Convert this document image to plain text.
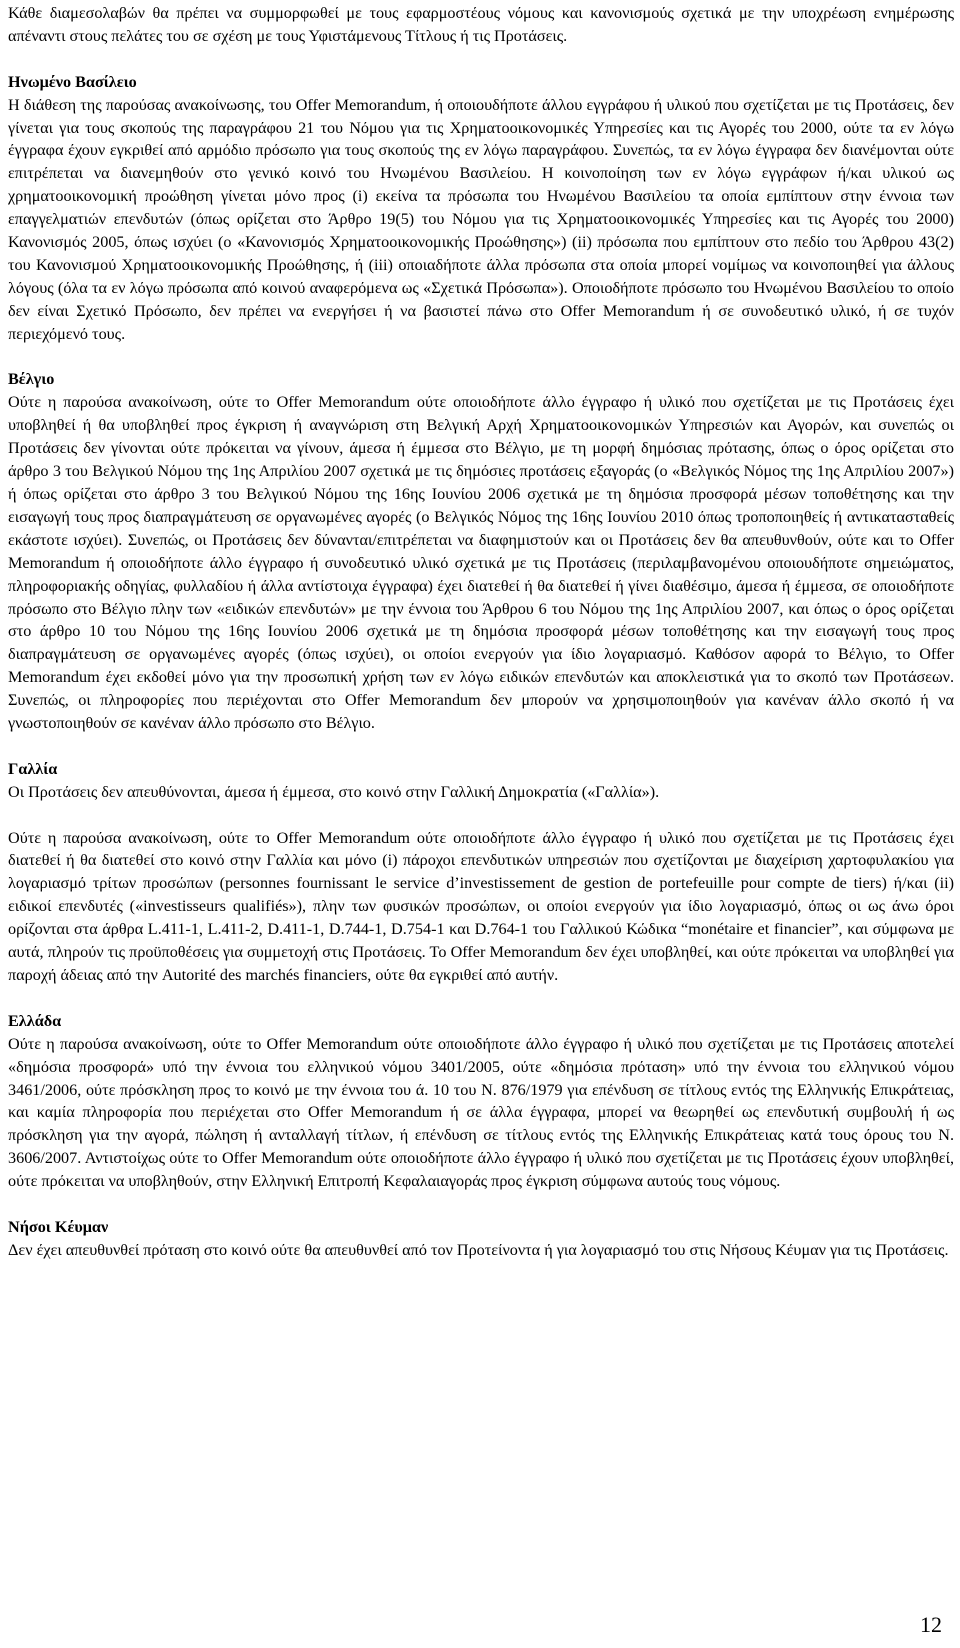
Κάθε διαμεσολαβών θα πρέπει να συμμορφωθεί με τους εφαρμοστέους νόμους και κανονισμούς σχετικά με την υποχρέωση ενημέρωσης απέναντι στους πελάτες του σε σχέση με τους Υφιστάμενους Τίτλους ή τις Προτάσεις.

Ηνωμένο Βασίλειο

Η διάθεση της παρούσας ανακοίνωσης, του Offer Memorandum, ή οποιουδήποτε άλλου εγγράφου ή υλικού που σχετίζεται με τις Προτάσεις, δεν γίνεται για τους σκοπούς της παραγράφου 21 του Νόμου για τις Χρηματοοικονομικές Υπηρεσίες και τις Αγορές του 2000, ούτε τα εν λόγω έγγραφα έχουν εγκριθεί από αρμόδιο πρόσωπο για τους σκοπούς της εν λόγω παραγράφου. Συνεπώς, τα εν λόγω έγγραφα δεν διανέμονται ούτε επιτρέπεται να διανεμηθούν στο γενικό κοινό του Ηνωμένου Βασιλείου. Η κοινοποίηση των εν λόγω εγγράφων ή/και υλικού ως χρηματοοικονομική προώθηση γίνεται μόνο προς (i) εκείνα τα πρόσωπα του Ηνωμένου Βασιλείου τα οποία εμπίπτουν στην έννοια των επαγγελματιών επενδυτών (όπως ορίζεται στο Άρθρο 19(5) του Νόμου για τις Χρηματοοικονομικές Υπηρεσίες και τις Αγορές του 2000) Κανονισμός 2005, όπως ισχύει (ο «Κανονισμός Χρηματοοικονομικής Προώθησης») (ii) πρόσωπα που εμπίπτουν στο πεδίο του Άρθρου 43(2) του Κανονισμού Χρηματοοικονομικής Προώθησης, ή (iii) οποιαδήποτε άλλα πρόσωπα στα οποία μπορεί νομίμως να κοινοποιηθεί για άλλους λόγους (όλα τα εν λόγω πρόσωπα από κοινού αναφερόμενα ως «Σχετικά Πρόσωπα»). Οποιοδήποτε πρόσωπο του Ηνωμένου Βασιλείου το οποίο δεν είναι Σχετικό Πρόσωπο, δεν πρέπει να ενεργήσει ή να βασιστεί πάνω στο Offer Memorandum ή σε συνοδευτικό υλικό, ή σε τυχόν περιεχόμενό τους.

Βέλγιο

Ούτε η παρούσα ανακοίνωση, ούτε το Offer Memorandum ούτε οποιοδήποτε άλλο έγγραφο ή υλικό που σχετίζεται με τις Προτάσεις έχει υποβληθεί ή θα υποβληθεί προς έγκριση ή αναγνώριση στη Βελγική Αρχή Χρηματοοικονομικών Υπηρεσιών και Αγορών, και συνεπώς οι Προτάσεις δεν γίνονται ούτε πρόκειται να γίνουν, άμεσα ή έμμεσα στο Βέλγιο, με τη μορφή δημόσιας πρότασης, όπως ο όρος ορίζεται στο άρθρο 3 του Βελγικού Νόμου της 1ης Απριλίου 2007 σχετικά με τις δημόσιες προτάσεις εξαγοράς (ο «Βελγικός Νόμος της 1ης Απριλίου 2007») ή όπως ορίζεται στο άρθρο 3 του Βελγικού Νόμου της 16ης Ιουνίου 2006 σχετικά με τη δημόσια προσφορά μέσων τοποθέτησης και την εισαγωγή τους προς διαπραγμάτευση σε οργανωμένες αγορές (ο Βελγικός Νόμος της 16ης Ιουνίου 2010 όπως τροποποιηθείς ή αντικατασταθείς εκάστοτε ισχύει). Συνεπώς, οι Προτάσεις δεν δύνανται/επιτρέπεται να διαφημιστούν και οι Προτάσεις δεν θα απευθυνθούν, ούτε και το Offer Memorandum ή οποιοδήποτε άλλο έγγραφο ή συνοδευτικό υλικό σχετικά με τις Προτάσεις (περιλαμβανομένου οποιουδήποτε σημειώματος, πληροφοριακής οδηγίας, φυλλαδίου ή άλλα αντίστοιχα έγγραφα) έχει διατεθεί ή θα διατεθεί ή γίνει διαθέσιμο, άμεσα ή έμμεσα, σε οποιοδήποτε πρόσωπο στο Βέλγιο πλην των «ειδικών επενδυτών» με την έννοια του Άρθρου 6 του Νόμου της 1ης Απριλίου 2007, και όπως ο όρος ορίζεται στο άρθρο 10 του Νόμου της 16ης Ιουνίου 2006 σχετικά με τη δημόσια προσφορά μέσων τοποθέτησης και την εισαγωγή τους προς διαπραγμάτευση σε οργανωμένες αγορές (όπως ισχύει), οι οποίοι ενεργούν για ίδιο λογαριασμό. Καθόσον αφορά το Βέλγιο, το Offer Memorandum έχει εκδοθεί μόνο για την προσωπική χρήση των εν λόγω ειδικών επενδυτών και αποκλειστικά για το σκοπό των Προτάσεων. Συνεπώς, οι πληροφορίες που περιέχονται στο Offer Memorandum δεν μπορούν να χρησιμοποιηθούν για κανέναν άλλο σκοπό ή να γνωστοποιηθούν σε κανέναν άλλο πρόσωπο στο Βέλγιο.

Γαλλία

Οι Προτάσεις δεν απευθύνονται, άμεσα ή έμμεσα, στο κοινό στην Γαλλική Δημοκρατία («Γαλλία»).

Ούτε η παρούσα ανακοίνωση, ούτε το Offer Memorandum ούτε οποιοδήποτε άλλο έγγραφο ή υλικό που σχετίζεται με τις Προτάσεις έχει διατεθεί ή θα διατεθεί στο κοινό στην Γαλλία και μόνο (i) πάροχοι επενδυτικών υπηρεσιών που σχετίζονται με διαχείριση χαρτοφυλακίου για λογαριασμό τρίτων προσώπων (personnes fournissant le service d’investissement de gestion de portefeuille pour compte de tiers) ή/και (ii) ειδικοί επενδυτές («investisseurs qualifiés»), πλην των φυσικών προσώπων, οι οποίοι ενεργούν για ίδιο λογαριασμό, όπως οι ως άνω όροι ορίζονται στα άρθρα L.411-1, L.411-2, D.411-1, D.744-1, D.754-1 και D.764-1 του Γαλλικού Κώδικα “monétaire et financier”, και σύμφωνα με αυτά, πληρούν τις προϋποθέσεις για συμμετοχή στις Προτάσεις. Το Offer Memorandum δεν έχει υποβληθεί, και ούτε πρόκειται να υποβληθεί για παροχή άδειας από την Autorité des marchés financiers, ούτε θα εγκριθεί από αυτήν.

Ελλάδα

Ούτε η παρούσα ανακοίνωση, ούτε το Offer Memorandum ούτε οποιοδήποτε άλλο έγγραφο ή υλικό που σχετίζεται με τις Προτάσεις αποτελεί «δημόσια προσφορά» υπό την έννοια του ελληνικού νόμου 3401/2005, ούτε «δημόσια πρόταση» υπό την έννοια του ελληνικού νόμου 3461/2006, ούτε πρόσκληση προς το κοινό με την έννοια του ά. 10 του Ν. 876/1979 για επένδυση σε τίτλους εντός της Ελληνικής Επικράτειας, και καμία πληροφορία που περιέχεται στο Offer Memorandum ή σε άλλα έγγραφα, μπορεί να θεωρηθεί ως επενδυτική συμβουλή ή ως πρόσκληση για την αγορά, πώληση ή ανταλλαγή τίτλων, ή επένδυση σε τίτλους εντός της Ελληνικής Επικράτειας κατά τους όρους του Ν. 3606/2007. Αντιστοίχως ούτε το Offer Memorandum ούτε οποιοδήποτε άλλο έγγραφο ή υλικό που σχετίζεται με τις Προτάσεις έχουν υποβληθεί, ούτε πρόκειται να υποβληθούν, στην Ελληνική Επιτροπή Κεφαλαιαγοράς προς έγκριση σύμφωνα αυτούς τους νόμους.

Νήσοι Κέυμαν

Δεν έχει απευθυνθεί πρόταση στο κοινό ούτε θα απευθυνθεί από τον Προτείνοντα ή για λογαριασμό του στις Νήσους Κέυμαν για τις Προτάσεις.

12
